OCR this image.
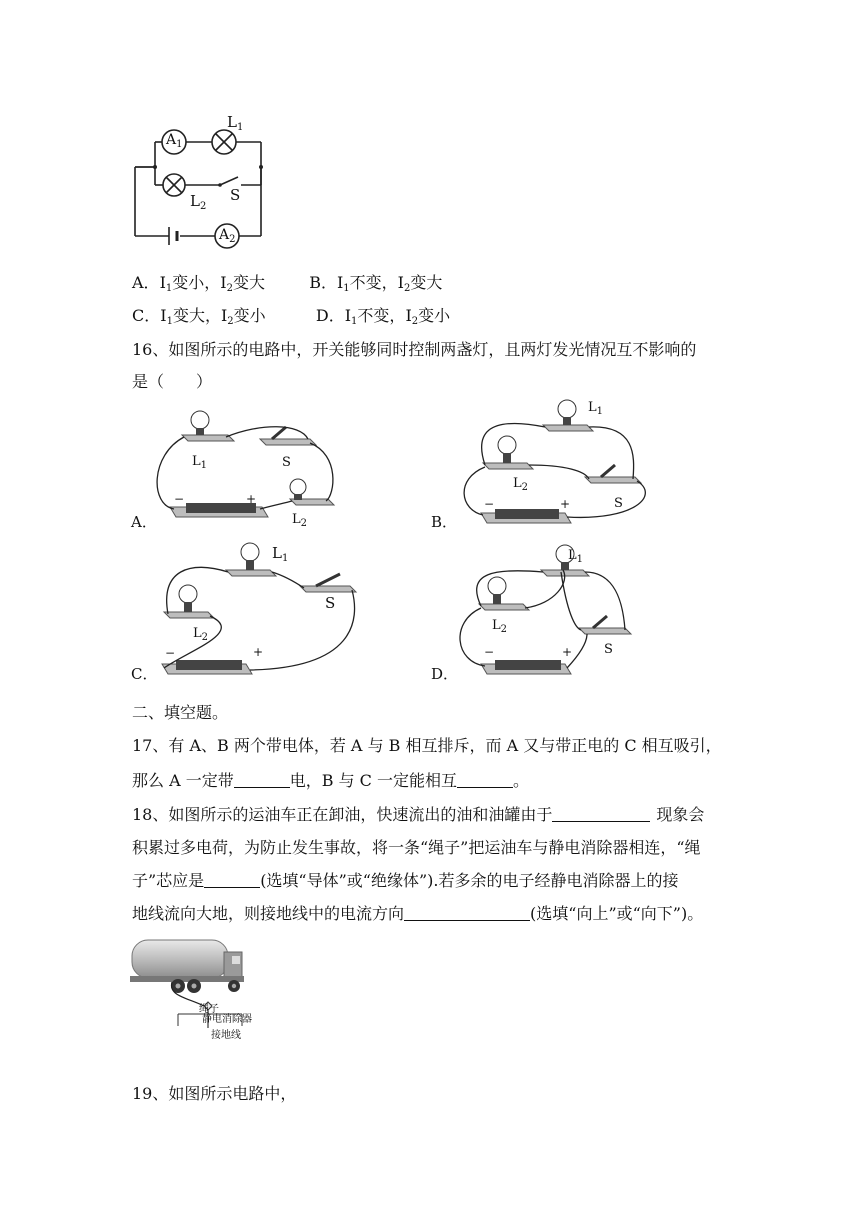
$A_1$
$L_1$
$L_2$
S
$A_2$
A．$I_1$变小，$I_2$变大	B．$I_1$不变，$I_2$变大
C．$I_1$变大，$I_2$变小	D．$I_1$不变，$I_2$变小
16、如图所示的电路中，开关能够同时控制两盏灯，且两灯发光情况互不影响的
是（　　）
A．
$L_1$	S
$L_2$
−	+
B．
$L_1$
$L_2$
S
−	+
C．
$L_1$
$L_2$
S
−	+
D．
$L_1$
$L_2$
S
−	+
二、填空题。
17、有 A、B 两个带电体，若 A 与 B 相互排斥，而 A 又与带正电的 C 相互吸引，
那么 A 一定带	电，B 与 C 一定能相互	。
18、如图所示的运油车正在卸油，快速流出的油和油罐由于	现象会
积累过多电荷，为防止发生事故，将一条“绳子”把运油车与静电消除器相连，“绳
子”芯应是	(选填“导体”或“绝缘体”).若多余的电子经静电消除器上的接
地线流向大地，则接地线中的电流方向	(选填“向上”或“向下”)。
绳子
静电消除器
接地线
19、如图所示电路中，
